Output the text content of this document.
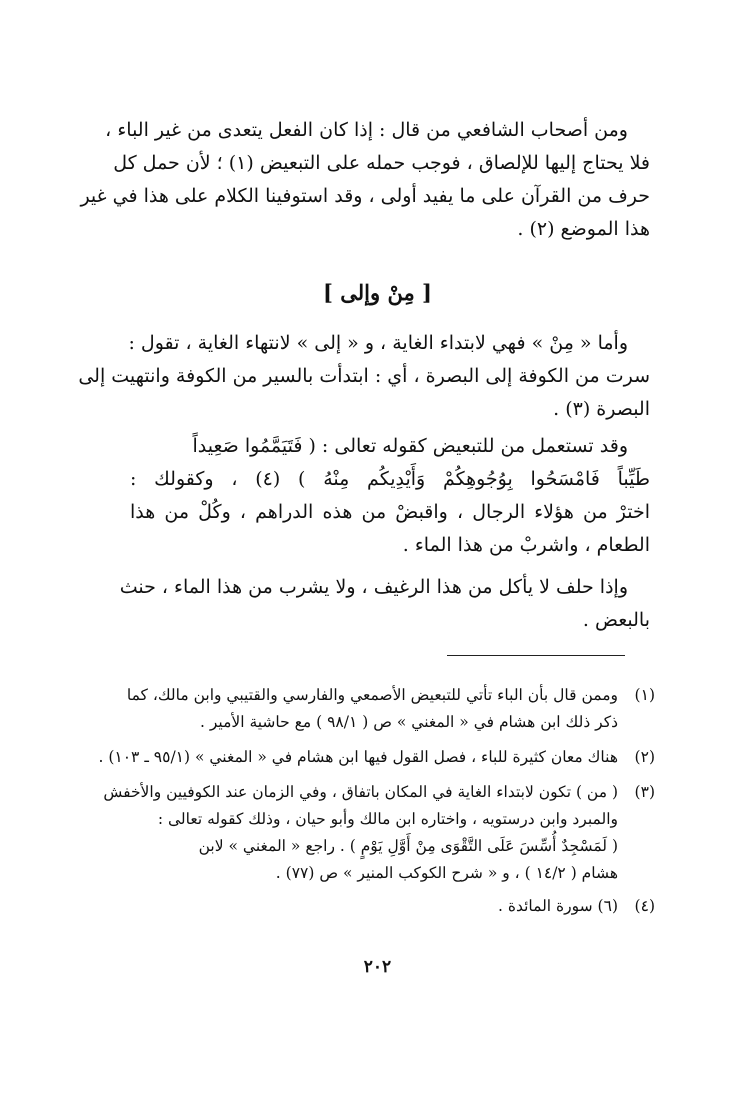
ومن أصحاب الشافعي من قال : إذا كان الفعل يتعدى من غير الباء ،
فلا يحتاج إليها للإلصاق ، فوجب حمله على التبعيض (١) ؛ لأن حمل كل
حرف من القرآن على ما يفيد أولى ، وقد استوفينا الكلام على هذا في غير
هذا الموضع (٢) .
[ مِنْ وإلى ]
وأما « مِنْ » فهي لابتداء الغاية ، و « إلى » لانتهاء الغاية ، تقول :
سرت من الكوفة إلى البصرة ، أي : ابتدأت بالسير من الكوفة وانتهيت إلى
البصرة (٣) .
وقد تستعمل من للتبعيض كقوله تعالى : ( فَتَيَمَّمُوا صَعِيداً
طَيِّباً فَامْسَحُوا بِوُجُوهِكُمْ وَأَيْدِيكُم مِنْهُ ) (٤) ، وكقولك :
اخترْ من هؤلاء الرجال ، واقبضْ من هذه الدراهم ، وكُلْ من هذا
الطعام ، واشربْ من هذا الماء .
وإذا حلف لا يأكل من هذا الرغيف ، ولا يشرب من هذا الماء ، حنث
بالبعض .
(١)
وممن قال بأن الباء تأتي للتبعيض الأصمعي والفارسي والقتيبي وابن مالك، كما
ذكر ذلك ابن هشام في « المغني » ص ( ٩٨/١ ) مع حاشية الأمير .
(٢)
هناك معان كثيرة للباء ، فصل القول فيها ابن هشام في « المغني » (٩٥/١ ـ ١٠٣) .
(٣)
( من ) تكون لابتداء الغاية في المكان باتفاق ، وفي الزمان عند الكوفيين والأخفش
والمبرد وابن درستويه ، واختاره ابن مالك وأبو حيان ، وذلك كقوله تعالى :
( لَمَسْجِدٌ أُسِّسَ عَلَى التَّقْوَى مِنْ أَوَّلِ يَوْمٍ ) . راجع « المغني » لابن
هشام ( ١٤/٢ ) ، و « شرح الكوكب المنير » ص (٧٧) .
(٤)
(٦) سورة المائدة .
٢٠٢
